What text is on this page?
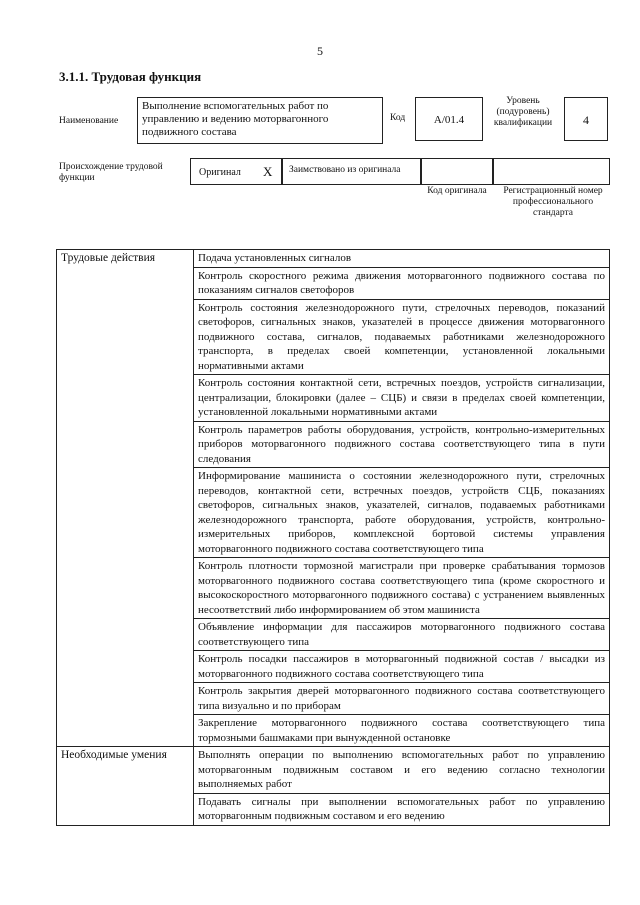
5
3.1.1. Трудовая функция
Наименование
Выполнение вспомогательных работ по управлению и ведению моторвагонного подвижного состава
Код	A/01.4
Уровень (подуровень) квалификации	4
Происхождение трудовой функции	Оригинал X Заимствовано из оригинала
Код оригинала	Регистрационный номер профессионального стандарта
Трудовые действия	Подача установленных сигналов
	Контроль скоростного режима движения моторвагонного подвижного состава по показаниям сигналов светофоров
	Контроль состояния железнодорожного пути, стрелочных переводов, показаний светофоров, сигнальных знаков, указателей в процессе движения моторвагонного подвижного состава, сигналов, подаваемых работниками железнодорожного транспорта, в пределах своей компетенции, установленной локальными нормативными актами
	Контроль состояния контактной сети, встречных поездов, устройств сигнализации, централизации, блокировки (далее – СЦБ) и связи в пределах своей компетенции, установленной локальными нормативными актами
	Контроль параметров работы оборудования, устройств, контрольно-измерительных приборов моторвагонного подвижного состава соответствующего типа в пути следования
	Информирование машиниста о состоянии железнодорожного пути, стрелочных переводов, контактной сети, встречных поездов, устройств СЦБ, показаниях светофоров, сигнальных знаков, указателей, сигналов, подаваемых работниками железнодорожного транспорта, работе оборудования, устройств, контрольно-измерительных приборов, комплексной бортовой системы управления моторвагонного подвижного состава соответствующего типа
	Контроль плотности тормозной магистрали при проверке срабатывания тормозов моторвагонного подвижного состава соответствующего типа (кроме скоростного и высокоскоростного моторвагонного подвижного состава) с устранением выявленных несоответствий либо информированием об этом машиниста
	Объявление информации для пассажиров моторвагонного подвижного состава соответствующего типа
	Контроль посадки пассажиров в моторвагонный подвижной состав / высадки из моторвагонного подвижного состава соответствующего типа
	Контроль закрытия дверей моторвагонного подвижного состава соответствующего типа визуально и по приборам
	Закрепление моторвагонного подвижного состава соответствующего типа тормозными башмаками при вынужденной остановке
Необходимые умения	Выполнять операции по выполнению вспомогательных работ по управлению моторвагонным подвижным составом и его ведению согласно технологии выполняемых работ
	Подавать сигналы при выполнении вспомогательных работ по управлению моторвагонным подвижным составом и его ведению
